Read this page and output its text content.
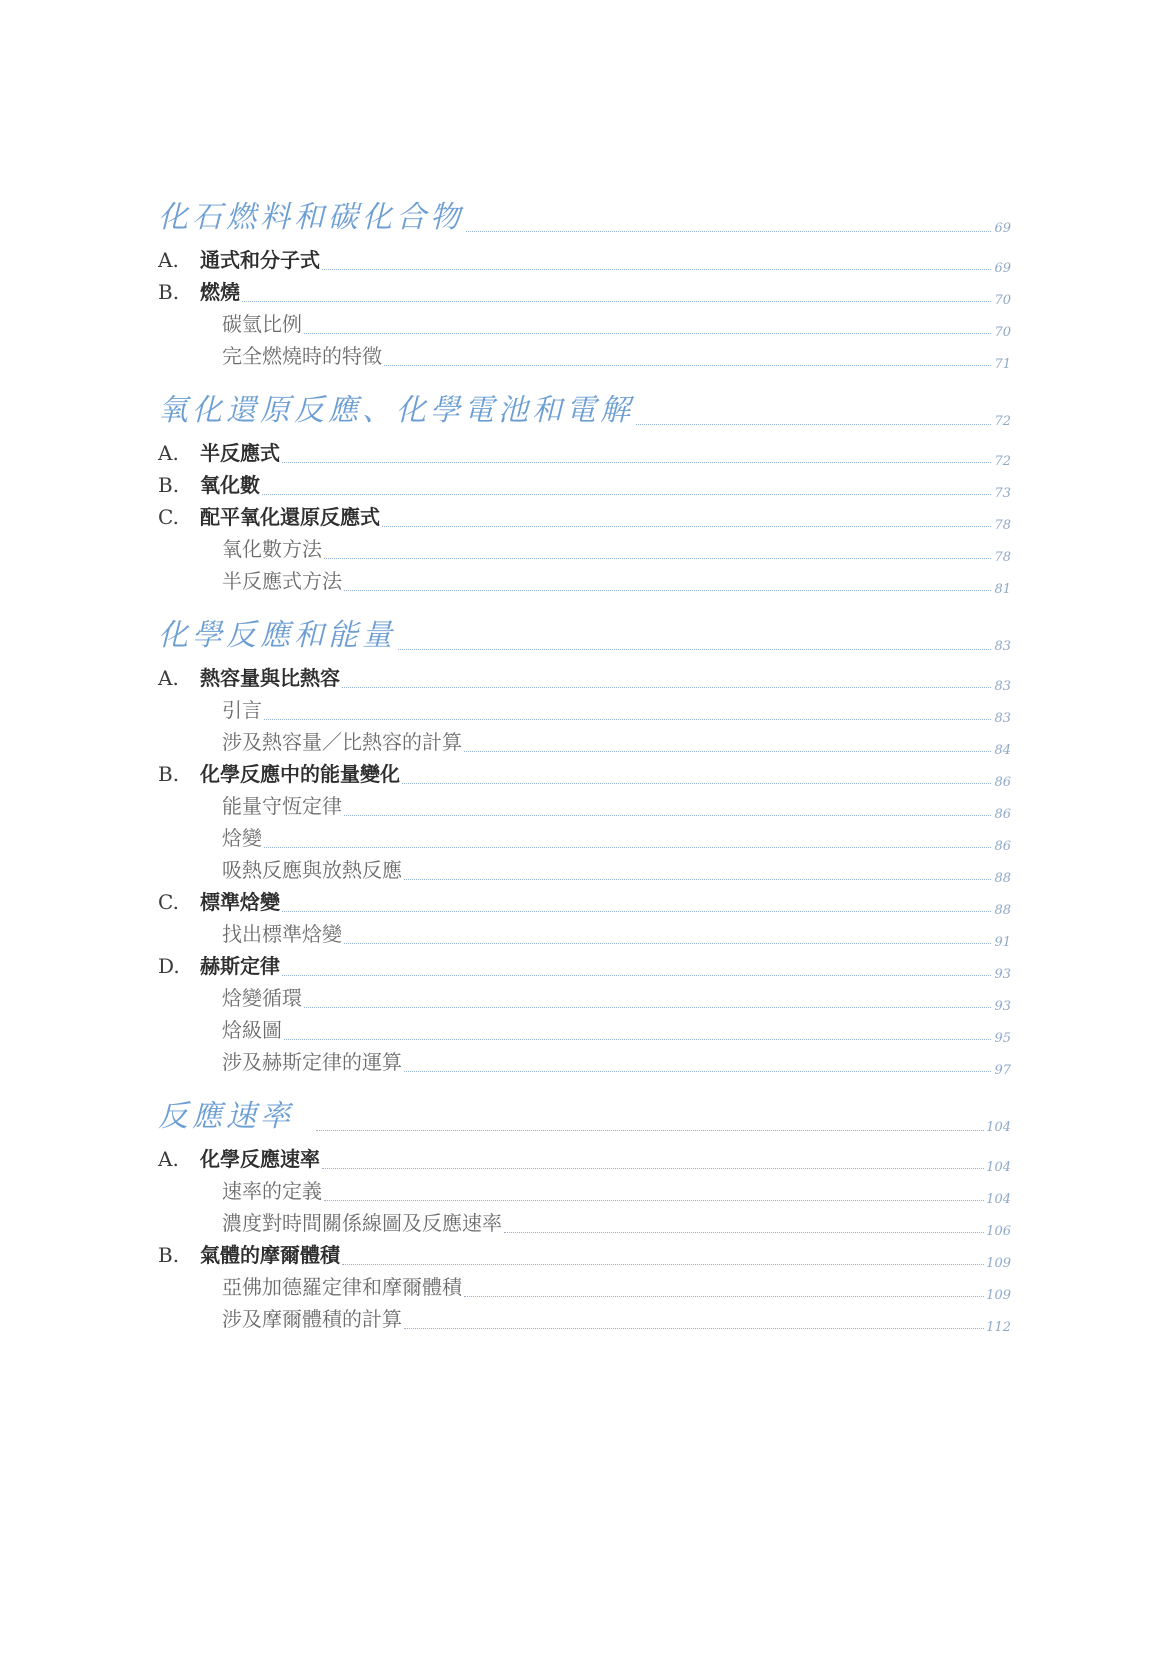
化石燃料和碳化合物	69
A.	通式和分子式	69
B.	燃燒	70
碳氫比例	70
完全燃燒時的特徵	71
氧化還原反應、化學電池和電解	72
A.	半反應式	72
B.	氧化數	73
C.	配平氧化還原反應式	78
氧化數方法	78
半反應式方法	81
化學反應和能量	83
A.	熱容量與比熱容	83
引言	83
涉及熱容量／比熱容的計算	84
B.	化學反應中的能量變化	86
能量守恆定律	86
焓變	86
吸熱反應與放熱反應	88
C.	標準焓變	88
找出標準焓變	91
D.	赫斯定律	93
焓變循環	93
焓級圖	95
涉及赫斯定律的運算	97
反應速率	104
A.	化學反應速率	104
速率的定義	104
濃度對時間關係線圖及反應速率	106
B.	氣體的摩爾體積	109
亞佛加德羅定律和摩爾體積	109
涉及摩爾體積的計算	112
